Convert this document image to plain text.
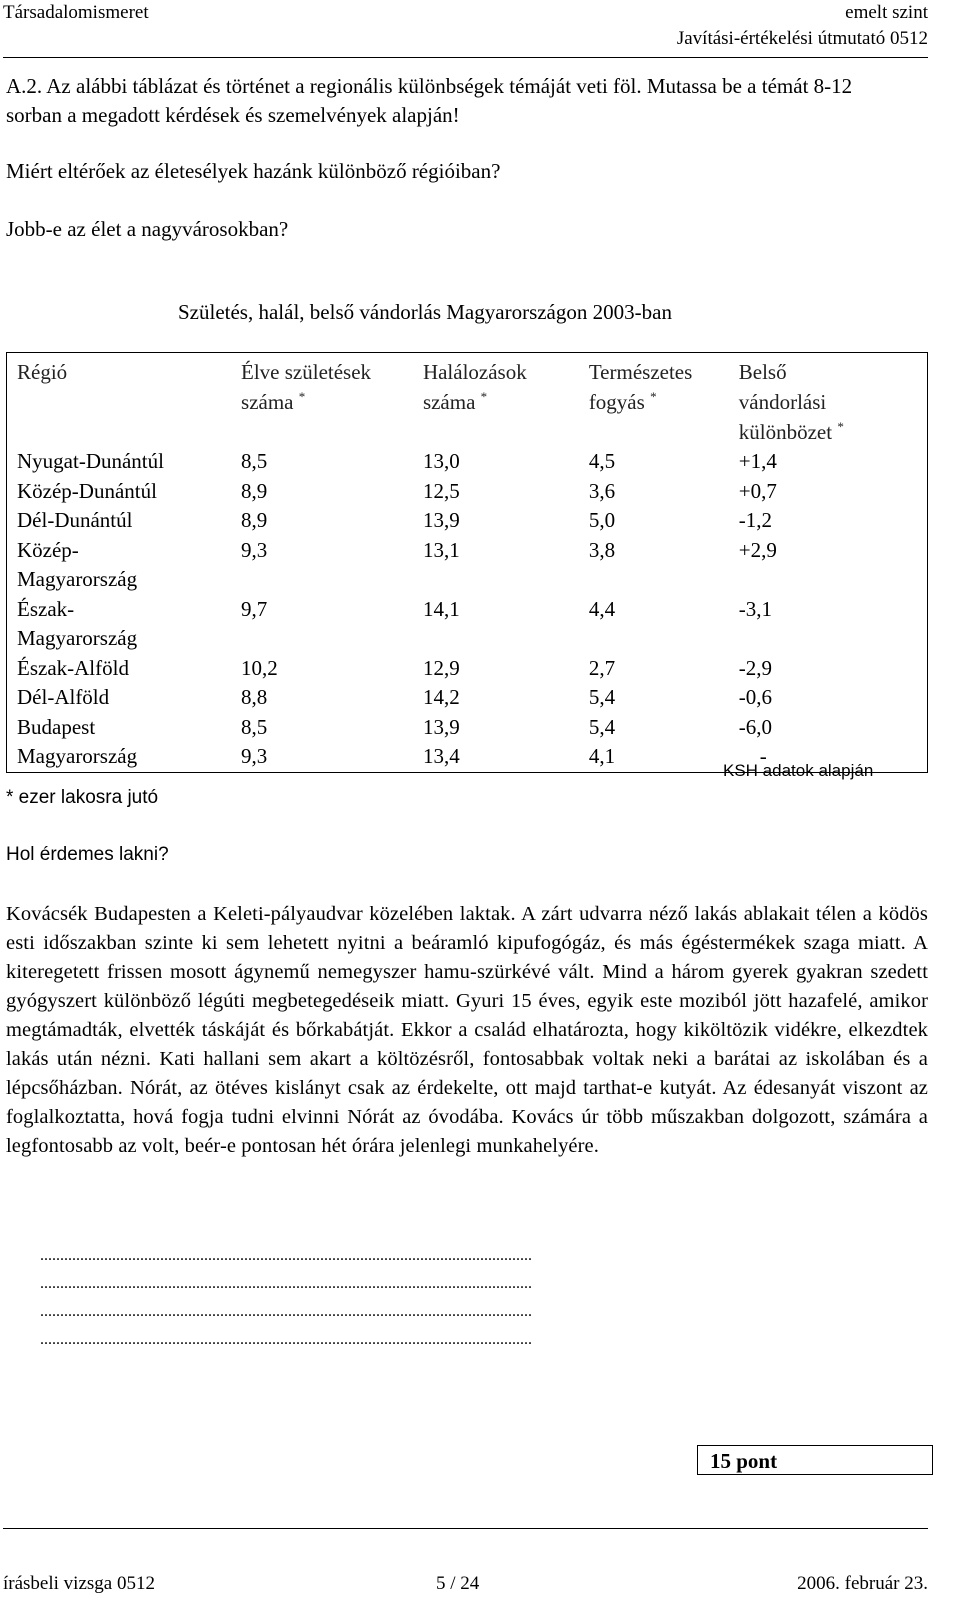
Társadalomismeret	emelt szint
Javítási-értékelési útmutató 0512
A.2. Az alábbi táblázat és történet a regionális különbségek témáját veti föl. Mutassa be a témát 8-12 sorban a megadott kérdések és szemelvények alapján!
Miért eltérőek az életesélyek hazánk különböző régióiban?
Jobb-e az élet a nagyvárosokban?
Születés, halál, belső vándorlás Magyarországon 2003-ban
Régió	Élve születések száma *	Halálozások száma *	Természetes fogyás *	Belső vándorlási különbözet *

Nyugat-Dunántúl	8,5	13,0	4,5	+1,4
Közép-Dunántúl	8,9	12,5	3,6	+0,7
Dél-Dunántúl	8,9	13,9	5,0	-1,2
Közép-
Magyarország	9,3	13,1	3,8	+2,9
Észak-
Magyarország	9,7	14,1	4,4	-3,1
Észak-Alföld	10,2	12,9	2,7	-2,9
Dél-Alföld	8,8	14,2	5,4	-0,6
Budapest	8,5	13,9	5,4	-6,0
Magyarország	9,3	13,4	4,1	-
KSH adatok alapján
* ezer lakosra jutó
Hol érdemes lakni?
Kovácsék Budapesten a Keleti-pályaudvar közelében laktak. A zárt udvarra néző lakás ablakait télen a ködös esti időszakban szinte ki sem lehetett nyitni a beáramló kipufogógáz, és más égéstermékek szaga miatt. A kiteregetett frissen mosott ágynemű nemegyszer hamu-szürkévé vált. Mind a három gyerek gyakran szedett gyógyszert különböző légúti megbetegedéseik miatt. Gyuri 15 éves, egyik este moziból jött hazafelé, amikor megtámadták, elvették táskáját és bőrkabátját. Ekkor a család elhatározta, hogy kiköltözik vidékre, elkezdtek lakás után nézni. Kati hallani sem akart a költözésről, fontosabbak voltak neki a barátai az iskolában és a lépcsőházban. Nórát, az ötéves kislányt csak az érdekelte, ott majd tarthat-e kutyát. Az édesanyát viszont az foglalkoztatta, hová fogja tudni elvinni Nórát az óvodába. Kovács úr több műszakban dolgozott, számára a legfontosabb az volt, beér-e pontosan hét órára jelenlegi munkahelyére.
...........................................................................................................................
...........................................................................................................................
...........................................................................................................................
...........................................................................................................................
15 pont
írásbeli vizsga 0512	5 / 24	2006. február 23.
